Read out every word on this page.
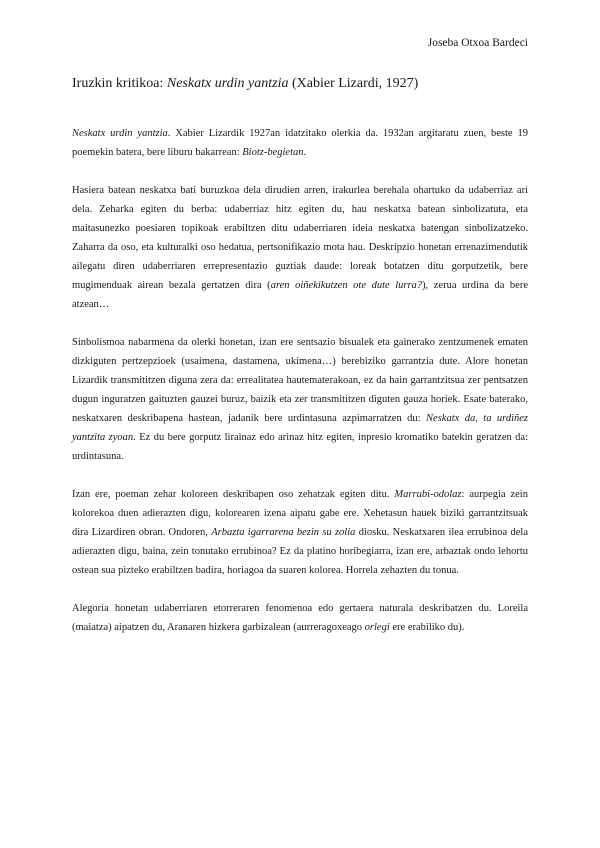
Joseba Otxoa Bardeci
Iruzkin kritikoa: Neskatx urdin yantzia (Xabier Lizardi, 1927)

Neskatx urdin yantzia. Xabier Lizardik 1927an idatzitako olerkia da. 1932an argitaratu zuen, beste 19 poemekin batera, bere liburu bakarrean: Biotz-begietan.

Hasiera batean neskatxa bati buruzkoa dela dirudien arren, irakurlea berehala ohartuko da udaberriaz ari dela. Zeharka egiten du berba: udaberriaz hitz egiten du, hau neskatxa batean sinbolizatuta, eta maitasunezko poesiaren topikoak erabiltzen ditu udaberriaren ideia neskatxa batengan sinbolizatzeko. Zaharra da oso, eta kulturalki oso hedatua, pertsonifikazio mota hau. Deskripzio honetan errenazimendutik ailegatu diren udaberriaren errepresentazio guztiak daude: loreak botatzen ditu gorputzetik, bere mugimenduak airean bezala gertatzen dira (aren oiñekikutzen ote dute lurra?), zerua urdina da bere atzean…

Sinbolismoa nabarmena da olerki honetan, izan ere sentsazio bisualek eta gainerako zentzumenek ematen dizkiguten pertzepzioek (usaimena, dastamena, ukimena…) berebiziko garrantzia dute. Alore honetan Lizardik transmititzen diguna zera da: errealitatea hautematerakoan, ez da hain garrantzitsua zer pentsatzen dugun inguratzen gaituzten gauzei buruz, baizik eta zer transmititzen diguten gauza horiek. Esate baterako, neskatxaren deskribapena hastean, jadanik bere urdintasuna azpimarratzen du: Neskatx da, ta urdiñez yantzita zyoan. Ez du bere gorputz lirainaz edo arinaz hitz egiten, inpresio kromatiko batekin geratzen da: urdintasuna.

Izan ere, poeman zehar koloreen deskribapen oso zehatzak egiten ditu. Marrubi-odolaz: aurpegia zein kolorekoa duen adierazten digu, kolorearen izena aipatu gabe ere. Xehetasun hauek biziki garrantzitsuak dira Lizardiren obran. Ondoren, Arbazta igarrarena bezin su zolia diosku. Neskatxaren ilea errubinoa dela adierazten digu, baina, zein tonutako errubinoa? Ez da platino horibegiarra, izan ere, arbaztak ondo lehortu ostean sua pizteko erabiltzen badira, horiagoa da suaren kolorea. Horrela zehazten du tonua.

Alegoria honetan udaberriaren etorreraren fenomenoa edo gertaera naturala deskribatzen du. Loreila (maiatza) aipatzen du, Aranaren hizkera garbizalean (aurreragoxeago orlegi ere erabiliko du).
